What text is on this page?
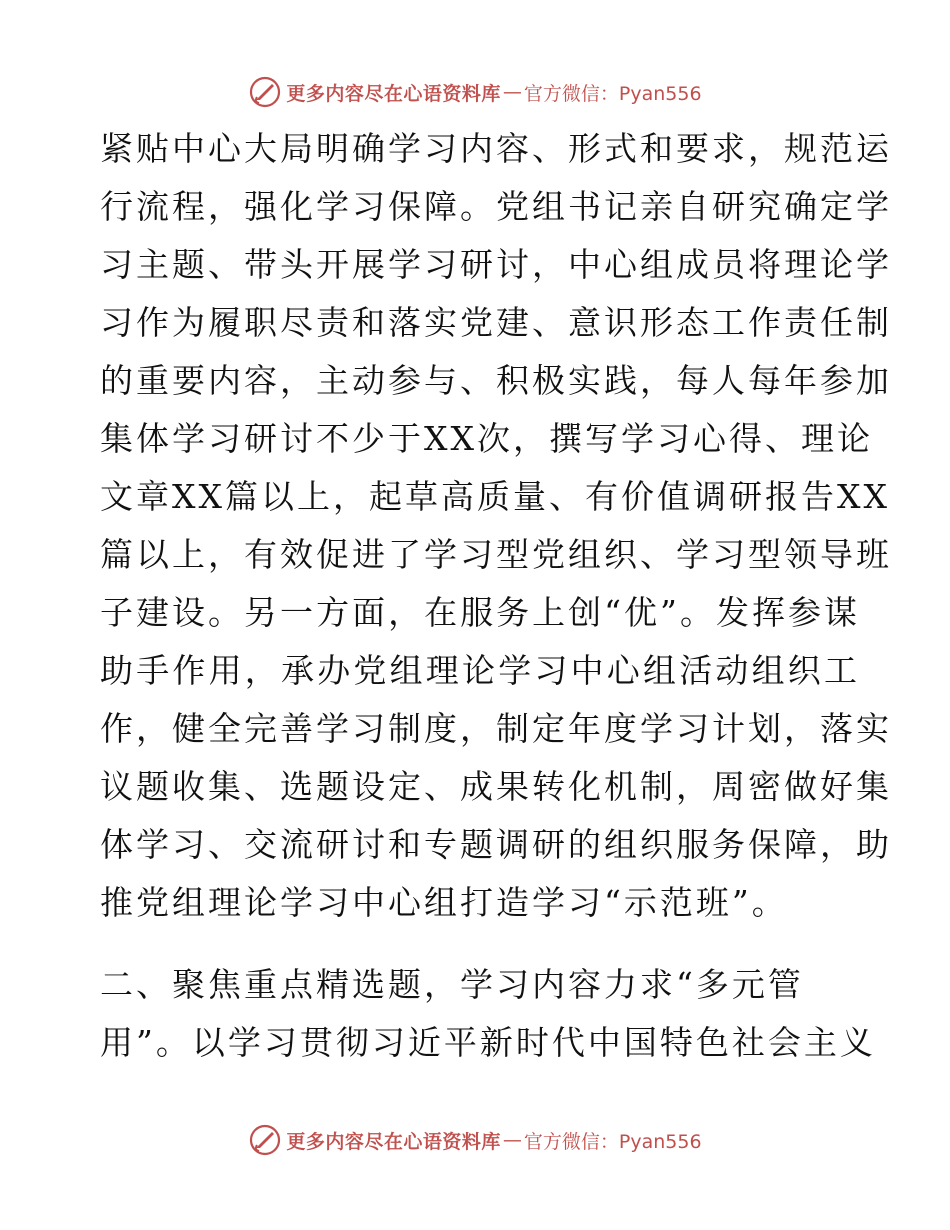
更多内容尽在心语资料库 — 官方微信：Pyan556
紧贴中心大局明确学习内容、形式和要求，规范运
行流程，强化学习保障。党组书记亲自研究确定学
习主题、带头开展学习研讨，中心组成员将理论学
习作为履职尽责和落实党建、意识形态工作责任制
的重要内容，主动参与、积极实践，每人每年参加
集体学习研讨不少于XX次，撰写学习心得、理论
文章XX篇以上，起草高质量、有价值调研报告XX
篇以上，有效促进了学习型党组织、学习型领导班
子建设。另一方面，在服务上创“优”。发挥参谋
助手作用，承办党组理论学习中心组活动组织工
作，健全完善学习制度，制定年度学习计划，落实
议题收集、选题设定、成果转化机制，周密做好集
体学习、交流研讨和专题调研的组织服务保障，助
推党组理论学习中心组打造学习“示范班”。
二、聚焦重点精选题，学习内容力求“多元管
用”。以学习贯彻习近平新时代中国特色社会主义
更多内容尽在心语资料库 — 官方微信：Pyan556
